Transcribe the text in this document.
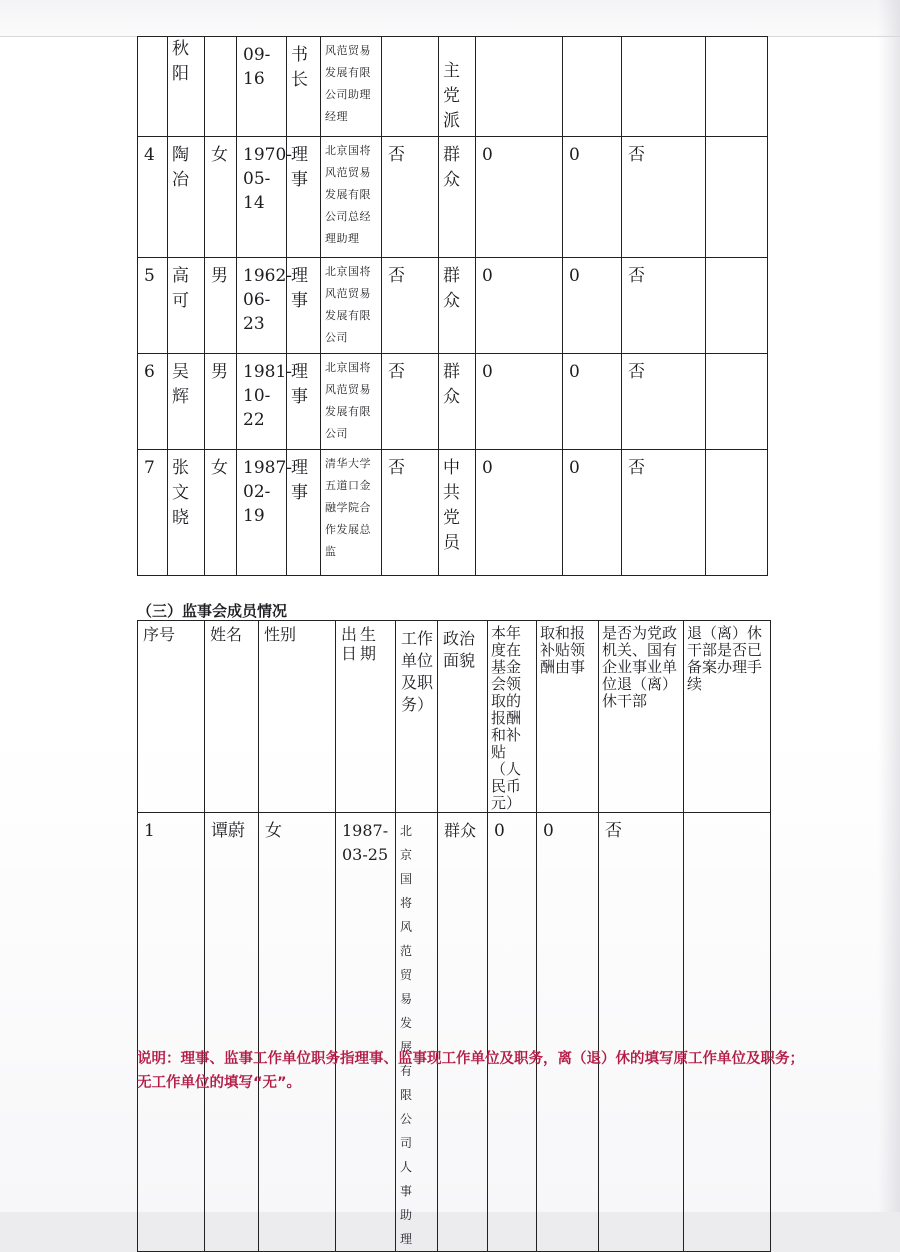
	秋阳		09-16	书长	风范贸易发展有限公司助理经理		主党派				
4	陶冶	女	1970-05-14	理事	北京国将风范贸易发展有限公司总经理助理	否	群众	0	0	否	
5	高可	男	1962-06-23	理事	北京国将风范贸易发展有限公司	否	群众	0	0	否	
6	吴辉	男	1981-10-22	理事	北京国将风范贸易发展有限公司	否	群众	0	0	否	
7	张文晓	女	1987-02-19	理事	清华大学五道口金融学院合作发展总监	否	中共党员	0	0	否	
（三）监事会成员情况
序号	姓名	性别	出生日期	工作单位及职务）	政治面貌	本年度在基金会领取的报酬和补贴（人民币元）	取和报补贴领酬由事	是否为党政机关、国有企业事业单位退（离）休干部	退（离）休干部是否已备案办理手续
1	谭蔚	女	1987-03-25	北京国将风范贸易发展有限公司人事助理	群众	0	0	否	
说明：理事、监事工作单位职务指理事、监事现工作单位及职务，离（退）休的填写原工作单位及职务；无工作单位的填写“无”。
